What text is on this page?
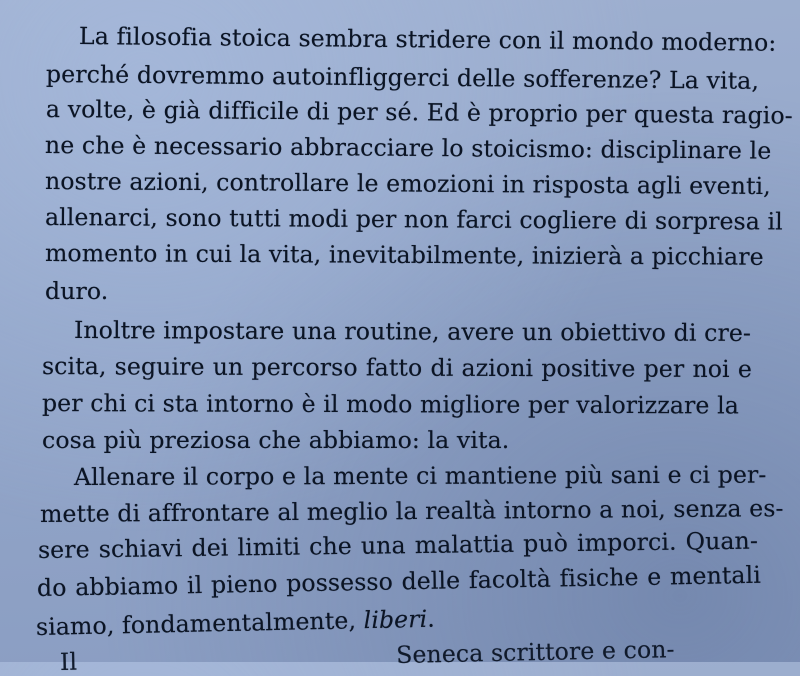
La filosofia stoica sembra stridere con il mondo moderno:
perché dovremmo autoinfliggerci delle sofferenze? La vita,
a volte, è già difficile di per sé. Ed è proprio per questa ragio-
ne che è necessario abbracciare lo stoicismo: disciplinare le
nostre azioni, controllare le emozioni in risposta agli eventi,
allenarci, sono tutti modi per non farci cogliere di sorpresa il
momento in cui la vita, inevitabilmente, inizierà a picchiare
duro.
Inoltre impostare una routine, avere un obiettivo di cre-
scita, seguire un percorso fatto di azioni positive per noi e
per chi ci sta intorno è il modo migliore per valorizzare la
cosa più preziosa che abbiamo: la vita.
Allenare il corpo e la mente ci mantiene più sani e ci per-
mette di affrontare al meglio la realtà intorno a noi, senza es-
sere schiavi dei limiti che una malattia può imporci. Quan-
do abbiamo il pieno possesso delle facoltà fisiche e mentali
siamo, fondamentalmente, liberi.
Il                                          Seneca scrittore e con-
